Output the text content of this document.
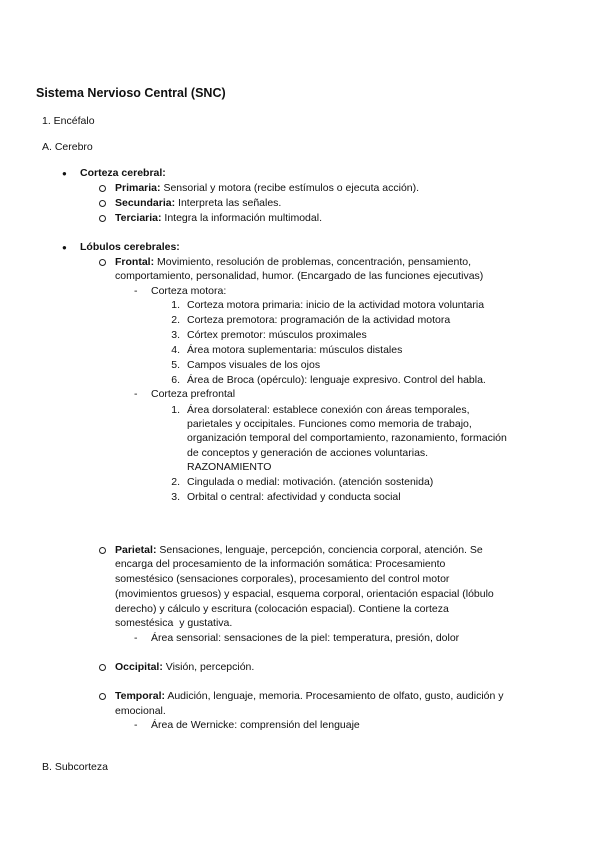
Sistema Nervioso Central (SNC)
1. Encéfalo
A. Cerebro
● Corteza cerebral:
Primaria: Sensorial y motora (recibe estímulos o ejecuta acción).
Secundaria: Interpreta las señales.
Terciaria: Integra la información multimodal.
● Lóbulos cerebrales:
Frontal: Movimiento, resolución de problemas, concentración, pensamiento,
comportamiento, personalidad, humor. (Encargado de las funciones ejecutivas)
- Corteza motora:
1. Corteza motora primaria: inicio de la actividad motora voluntaria
2. Corteza premotora: programación de la actividad motora
3. Córtex premotor: músculos proximales
4. Área motora suplementaria: músculos distales
5. Campos visuales de los ojos
6. Área de Broca (opérculo): lenguaje expresivo. Control del habla.
- Corteza prefrontal
1. Área dorsolateral: establece conexión con áreas temporales,
parietales y occipitales. Funciones como memoria de trabajo,
organización temporal del comportamiento, razonamiento, formación
de conceptos y generación de acciones voluntarias.
RAZONAMIENTO
2. Cingulada o medial: motivación. (atención sostenida)
3. Orbital o central: afectividad y conducta social
Parietal: Sensaciones, lenguaje, percepción, conciencia corporal, atención. Se
encarga del procesamiento de la información somática: Procesamiento
somestésico (sensaciones corporales), procesamiento del control motor
(movimientos gruesos) y espacial, esquema corporal, orientación espacial (lóbulo
derecho) y cálculo y escritura (colocación espacial). Contiene la corteza
somestésica  y gustativa.
- Área sensorial: sensaciones de la piel: temperatura, presión, dolor
Occipital: Visión, percepción.
Temporal: Audición, lenguaje, memoria. Procesamiento de olfato, gusto, audición y
emocional.
- Área de Wernicke: comprensión del lenguaje
B. Subcorteza
